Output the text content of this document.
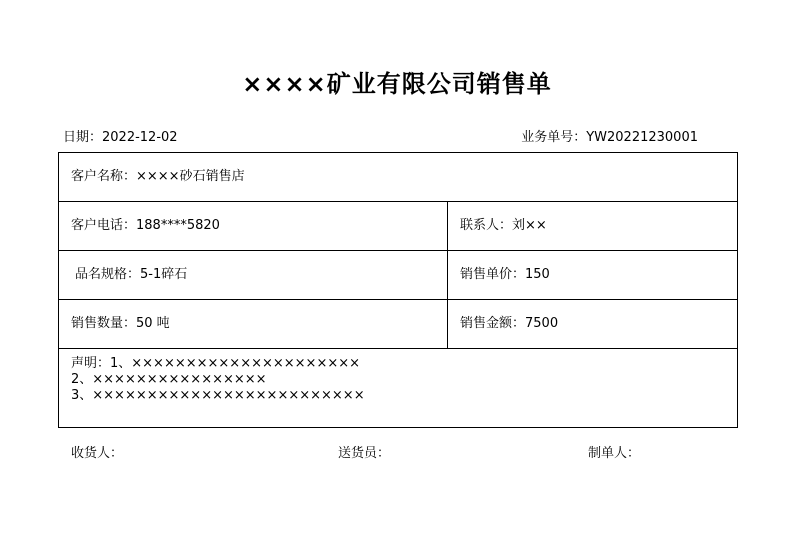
××××矿业有限公司销售单
日期：2022-12-02	业务单号：YW20221230001
客户名称：××××砂石销售店
客户电话：188****5820	联系人：刘××
品名规格：5-1碎石	销售单价：150
销售数量：50 吨	销售金额：7500
声明：1、×××××××××××××××××××××
2、××××××××××××××××
3、×××××××××××××××××××××××××
收货人：	送货员：	制单人：
